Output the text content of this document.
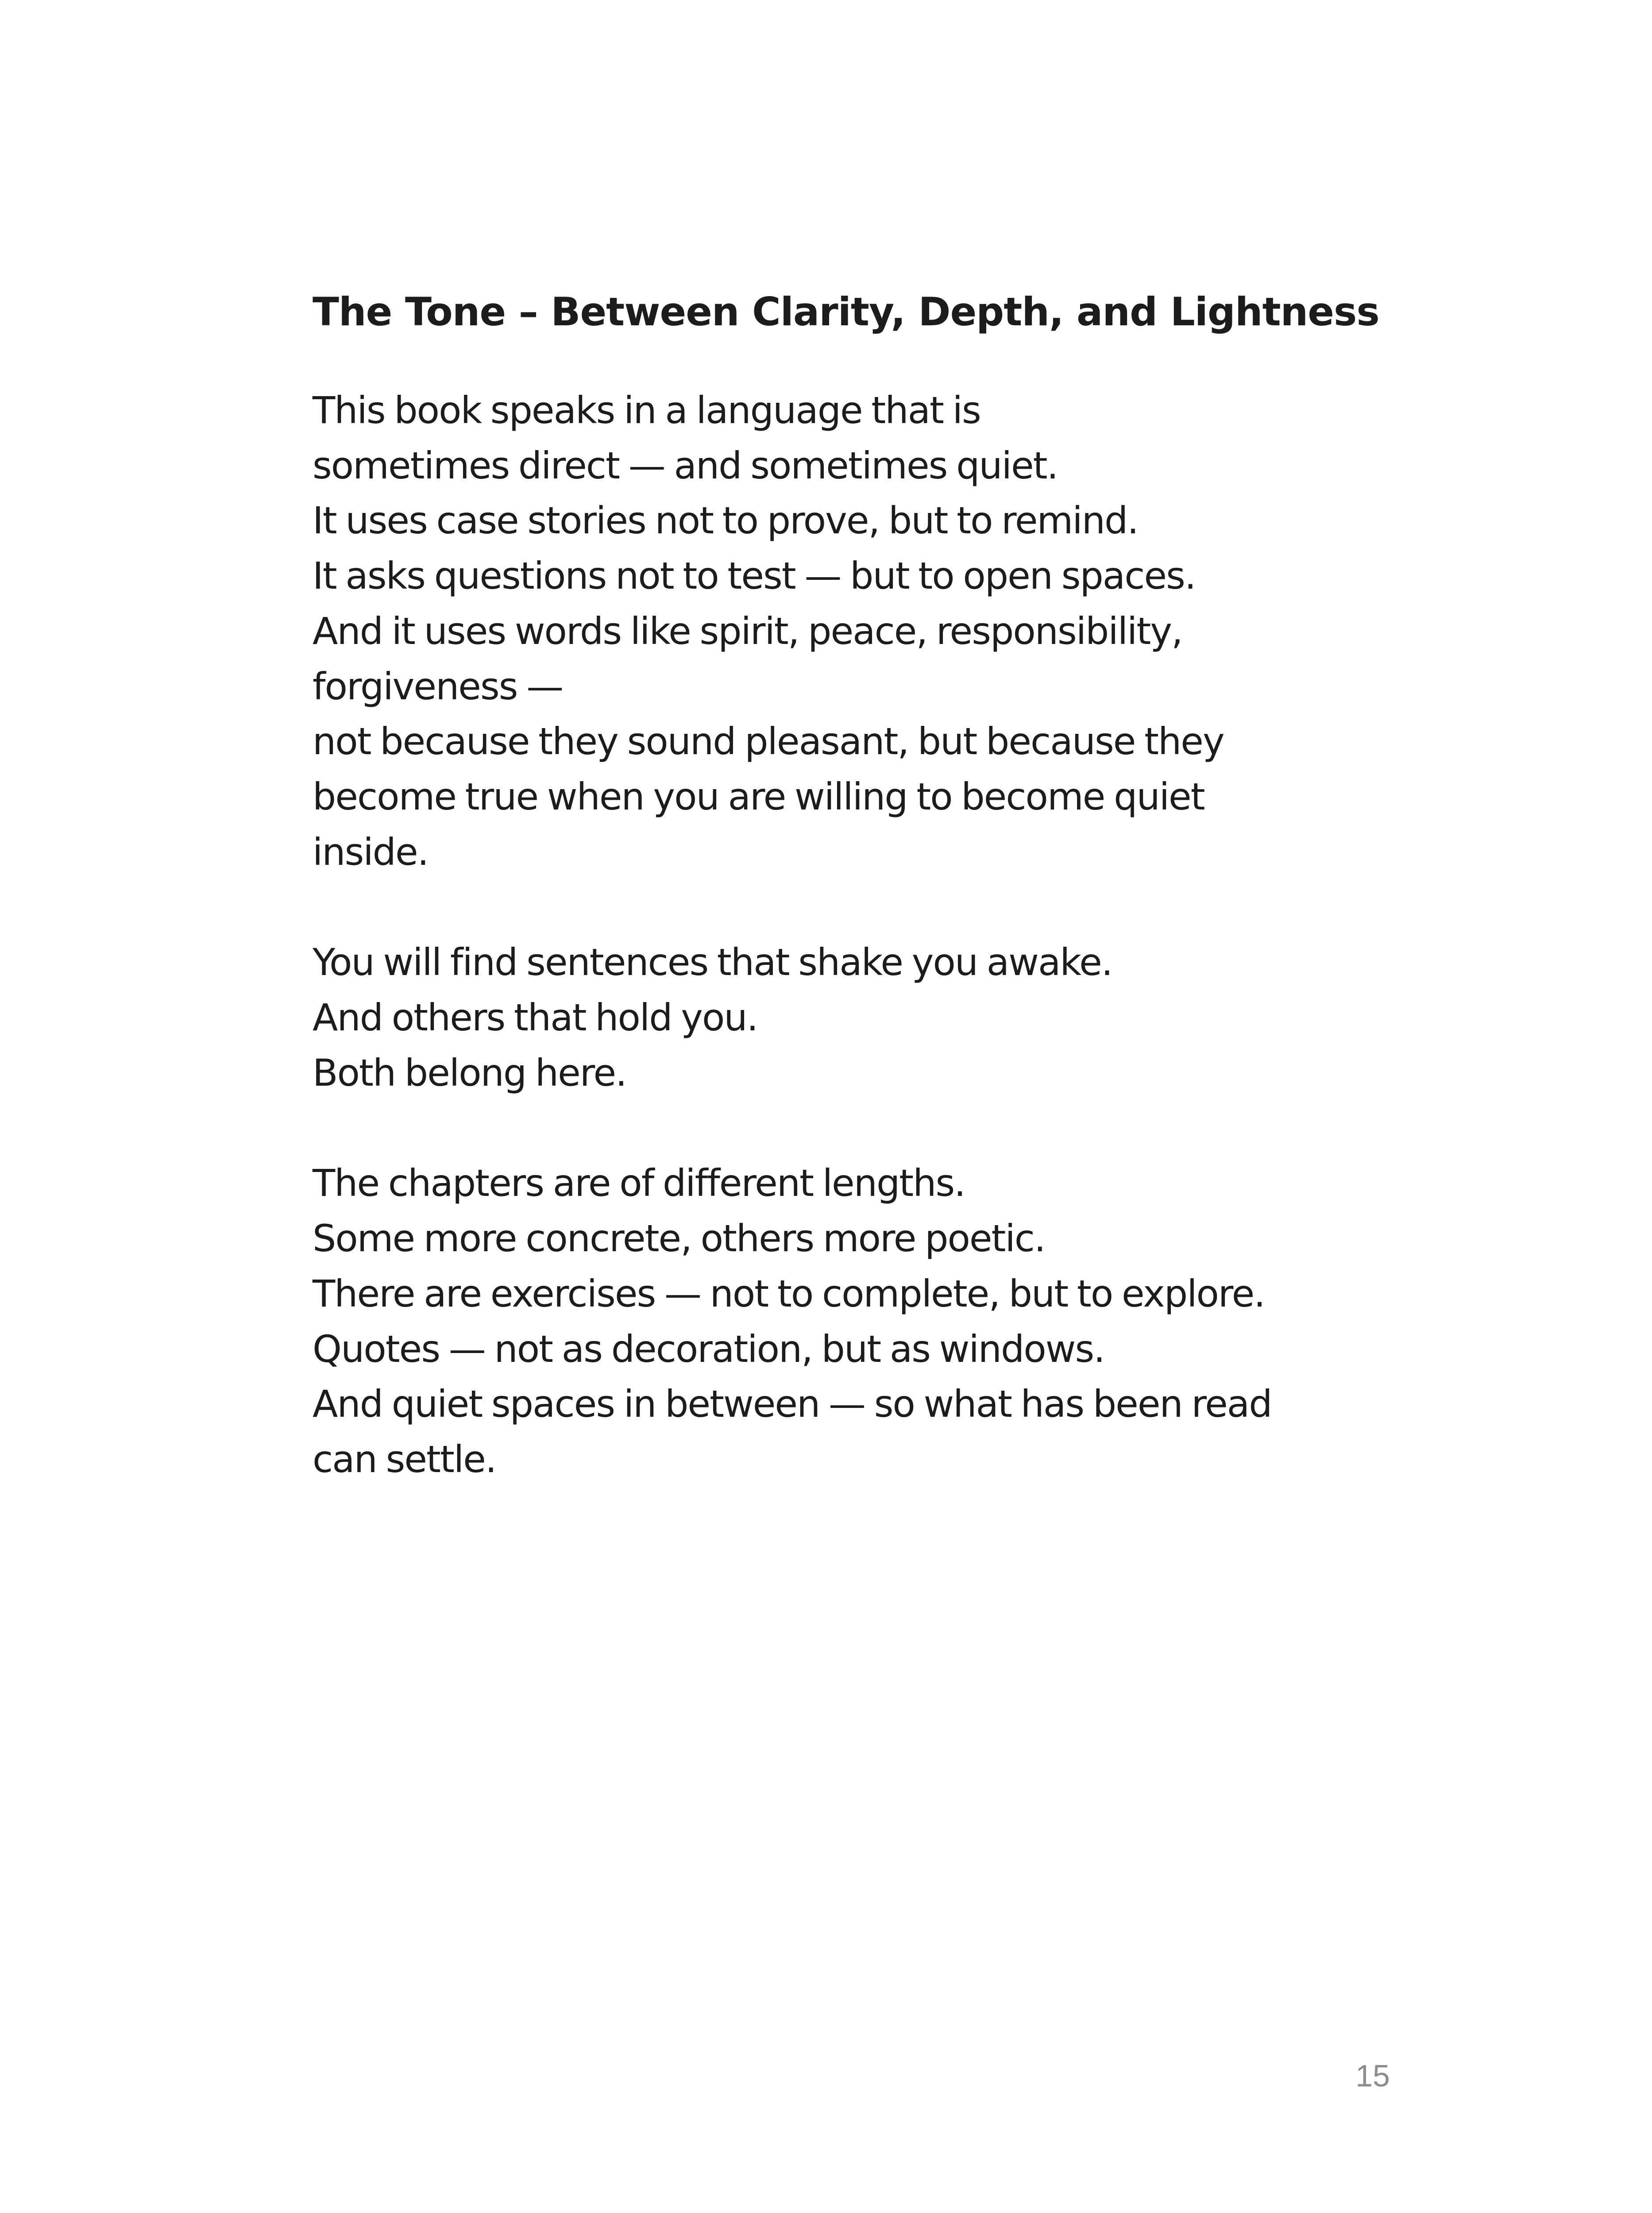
The Tone – Between Clarity, Depth, and Lightness
This book speaks in a language that is
sometimes direct — and sometimes quiet.
It uses case stories not to prove, but to remind.
It asks questions not to test — but to open spaces.
And it uses words like spirit, peace, responsibility,
forgiveness —
not because they sound pleasant, but because they
become true when you are willing to become quiet
inside.
You will find sentences that shake you awake.
And others that hold you.
Both belong here.
The chapters are of different lengths.
Some more concrete, others more poetic.
There are exercises — not to complete, but to explore.
Quotes — not as decoration, but as windows.
And quiet spaces in between — so what has been read
can settle.
15
